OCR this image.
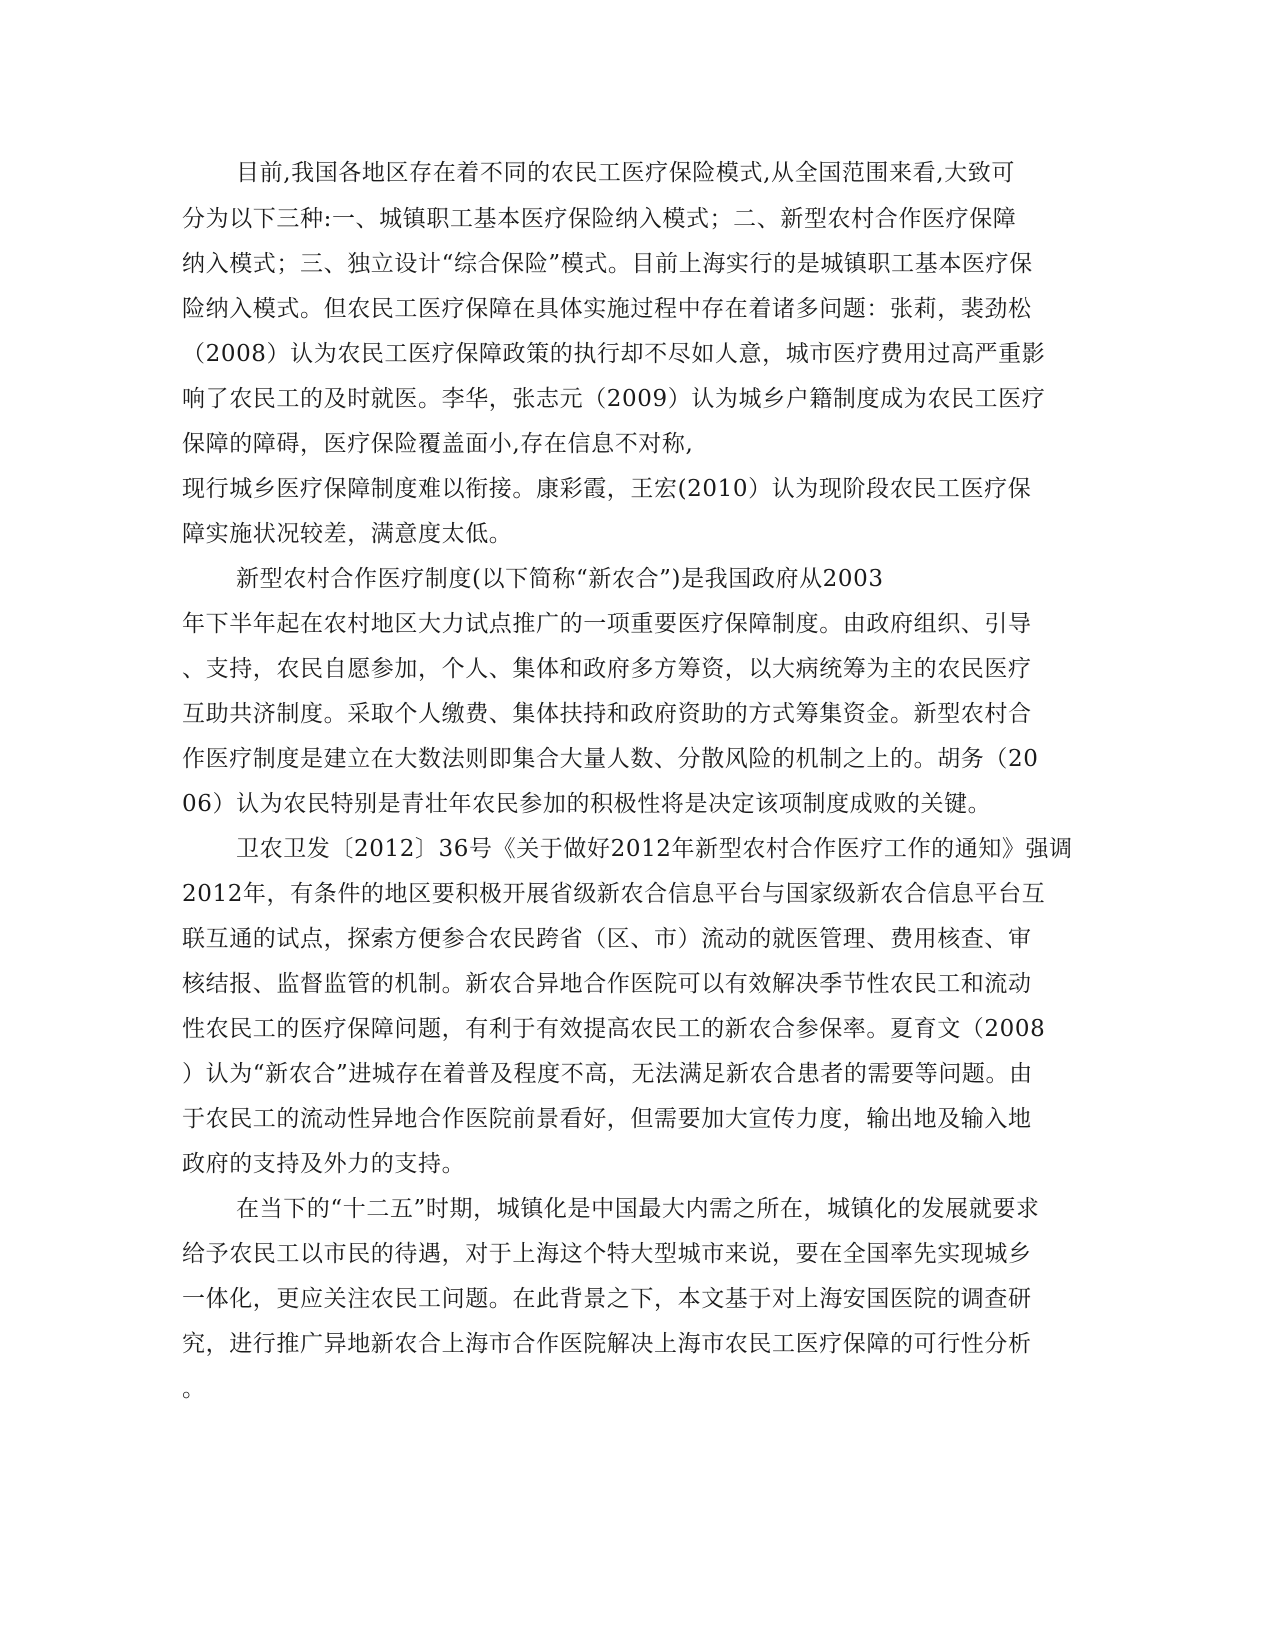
目前,我国各地区存在着不同的农民工医疗保险模式,从全国范围来看,大致可
分为以下三种:一、城镇职工基本医疗保险纳入模式；二、新型农村合作医疗保障
纳入模式；三、独立设计“综合保险”模式。目前上海实行的是城镇职工基本医疗保
险纳入模式。但农民工医疗保障在具体实施过程中存在着诸多问题：张莉，裴劲松
（2008）认为农民工医疗保障政策的执行却不尽如人意，城市医疗费用过高严重影
响了农民工的及时就医。李华，张志元（2009）认为城乡户籍制度成为农民工医疗
保障的障碍，医疗保险覆盖面小,存在信息不对称,
现行城乡医疗保障制度难以衔接。康彩霞，王宏(2010）认为现阶段农民工医疗保
障实施状况较差，满意度太低。
新型农村合作医疗制度(以下简称“新农合”)是我国政府从2003
年下半年起在农村地区大力试点推广的一项重要医疗保障制度。由政府组织、引导
、支持，农民自愿参加，个人、集体和政府多方筹资，以大病统筹为主的农民医疗
互助共济制度。采取个人缴费、集体扶持和政府资助的方式筹集资金。新型农村合
作医疗制度是建立在大数法则即集合大量人数、分散风险的机制之上的。胡务（20
06）认为农民特别是青壮年农民参加的积极性将是决定该项制度成败的关键。
卫农卫发〔2012〕36号《关于做好2012年新型农村合作医疗工作的通知》强调
2012年，有条件的地区要积极开展省级新农合信息平台与国家级新农合信息平台互
联互通的试点，探索方便参合农民跨省（区、市）流动的就医管理、费用核查、审
核结报、监督监管的机制。新农合异地合作医院可以有效解决季节性农民工和流动
性农民工的医疗保障问题，有利于有效提高农民工的新农合参保率。夏育文（2008
）认为“新农合”进城存在着普及程度不高，无法满足新农合患者的需要等问题。由
于农民工的流动性异地合作医院前景看好，但需要加大宣传力度，输出地及输入地
政府的支持及外力的支持。
在当下的“十二五”时期，城镇化是中国最大内需之所在，城镇化的发展就要求
给予农民工以市民的待遇，对于上海这个特大型城市来说，要在全国率先实现城乡
一体化，更应关注农民工问题。在此背景之下，本文基于对上海安国医院的调查研
究，进行推广异地新农合上海市合作医院解决上海市农民工医疗保障的可行性分析
。
